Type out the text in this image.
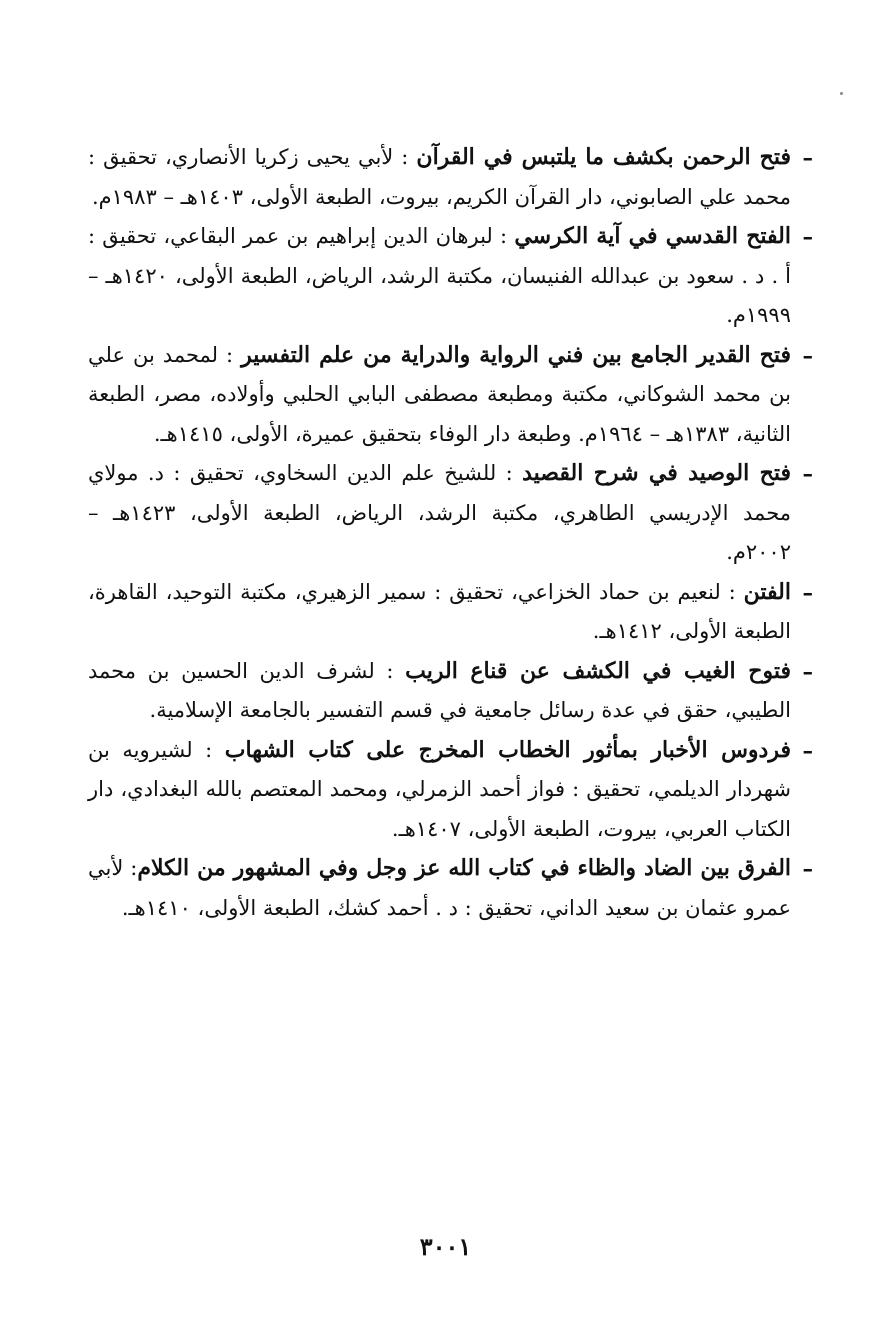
–
فتح الرحمن بكشف ما يلتبس في القرآن : لأبي يحيى زكريا الأنصاري، تحقيق : محمد علي الصابوني، دار القرآن الكريم، بيروت، الطبعة الأولى، ١٤٠٣هـ – ١٩٨٣م.

–
الفتح القدسي في آية الكرسي : لبرهان الدين إبراهيم بن عمر البقاعي، تحقيق : أ . د . سعود بن عبدالله الفنيسان، مكتبة الرشد، الرياض، الطبعة الأولى، ١٤٢٠هـ – ١٩٩٩م.

–
فتح القدير الجامع بين فني الرواية والدراية من علم التفسير : لمحمد بن علي بن محمد الشوكاني، مكتبة ومطبعة مصطفى البابي الحلبي وأولاده، مصر، الطبعة الثانية، ١٣٨٣هـ – ١٩٦٤م. وطبعة دار الوفاء بتحقيق عميرة، الأولى، ١٤١٥هـ.

–
فتح الوصيد في شرح القصيد : للشيخ علم الدين السخاوي، تحقيق : د. مولاي محمد الإدريسي الطاهري، مكتبة الرشد، الرياض، الطبعة الأولى، ١٤٢٣هـ – ٢٠٠٢م.

–
الفتن : لنعيم بن حماد الخزاعي، تحقيق : سمير الزهيري، مكتبة التوحيد، القاهرة، الطبعة الأولى، ١٤١٢هـ.

–
فتوح الغيب في الكشف عن قناع الريب : لشرف الدين الحسين بن محمد الطيبي، حقق في عدة رسائل جامعية في قسم التفسير بالجامعة الإسلامية.

–
فردوس الأخبار بمأثور الخطاب المخرج على كتاب الشهاب : لشيرويه بن شهردار الديلمي، تحقيق : فواز أحمد الزمرلي، ومحمد المعتصم بالله البغدادي، دار الكتاب العربي، بيروت، الطبعة الأولى، ١٤٠٧هـ.

–
الفرق بين الضاد والظاء في كتاب الله عز وجل وفي المشهور من الكلام: لأبي عمرو عثمان بن سعيد الداني، تحقيق : د . أحمد كشك، الطبعة الأولى، ١٤١٠هـ.

٣٠٠١
